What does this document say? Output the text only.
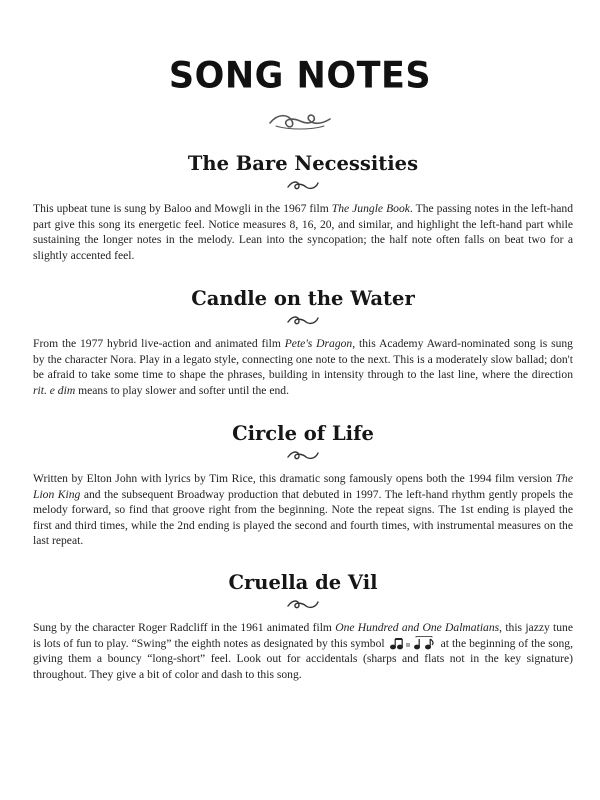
SONG NOTES
The Bare Necessities
This upbeat tune is sung by Baloo and Mowgli in the 1967 film The Jungle Book. The passing notes in the left-hand part give this song its energetic feel. Notice measures 8, 16, 20, and similar, and highlight the left-hand part while sustaining the longer notes in the melody. Lean into the syncopation; the half note often falls on beat two for a slightly accented feel.
Candle on the Water
From the 1977 hybrid live-action and animated film Pete's Dragon, this Academy Award-nominated song is sung by the character Nora. Play in a legato style, connecting one note to the next. This is a moderately slow ballad; don't be afraid to take some time to shape the phrases, building in intensity through to the last line, where the direction rit. e dim means to play slower and softer until the end.
Circle of Life
Written by Elton John with lyrics by Tim Rice, this dramatic song famously opens both the 1994 film version The Lion King and the subsequent Broadway production that debuted in 1997. The left-hand rhythm gently propels the melody forward, so find that groove right from the beginning. Note the repeat signs. The 1st ending is played the first and third times, while the 2nd ending is played the second and fourth times, with instrumental measures on the last repeat.
Cruella de Vil
Sung by the character Roger Radcliff in the 1961 animated film One Hundred and One Dalmatians, this jazzy tune is lots of fun to play. “Swing” the eighth notes as designated by this symbol	at the beginning of the song, giving them a bouncy “long-short” feel. Look out for accidentals (sharps and flats not in the key signature) throughout. They give a bit of color and dash to this song.
